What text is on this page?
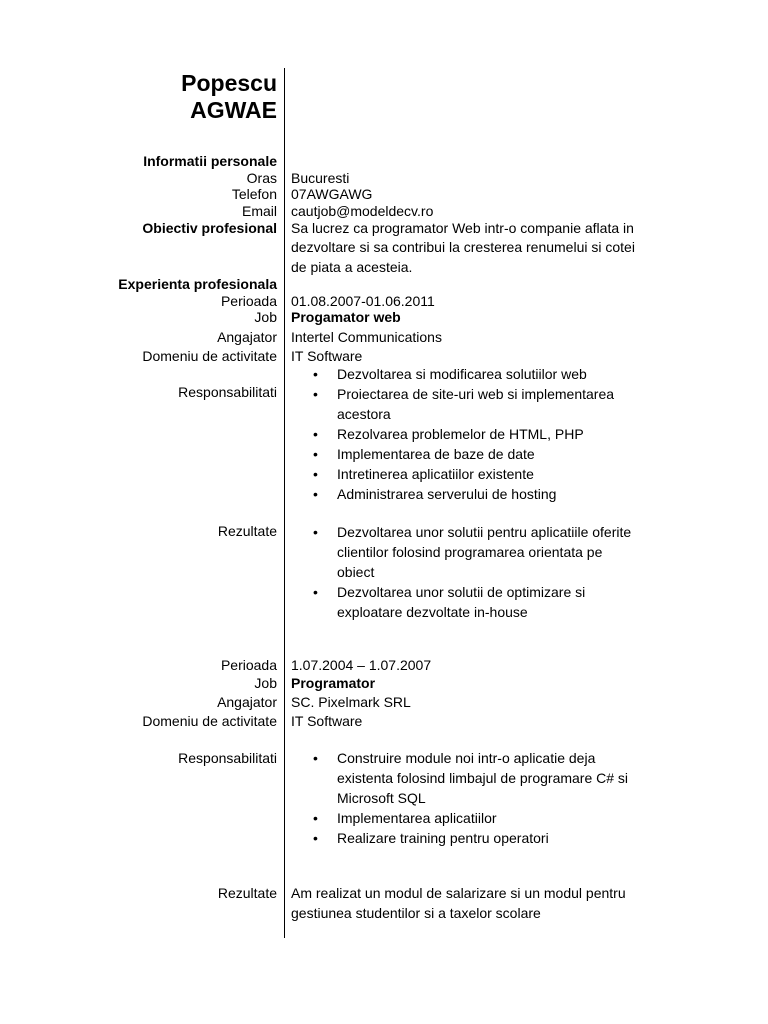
Popescu
AGWAE
Informatii personale
Oras Bucuresti
Telefon 07AWGAWG
Email cautjob@modeldecv.ro
Obiectiv profesional Sa lucrez ca programator Web intr-o companie aflata in
dezvoltare si sa contribui la cresterea renumelui si cotei
de piata a acesteia.
Experienta profesionala
Perioada 01.08.2007-01.06.2011
Job Progamator web
Angajator Intertel Communications
Domeniu de activitate IT Software
Responsabilitati
• Dezvoltarea si modificarea solutiilor web
• Proiectarea de site-uri web si implementarea
acestora
• Rezolvarea problemelor de HTML, PHP
• Implementarea de baze de date
• Intretinerea aplicatiilor existente
• Administrarea serverului de hosting
Rezultate	• Dezvoltarea unor solutii pentru aplicatiile oferite
clientilor folosind programarea orientata pe
obiect
• Dezvoltarea unor solutii de optimizare si
exploatare dezvoltate in-house
Perioada 1.07.2004 – 1.07.2007
Job Programator
Angajator SC. Pixelmark SRL
Domeniu de activitate IT Software
Responsabilitati	• Construire module noi intr-o aplicatie deja
existenta folosind limbajul de programare C# si
Microsoft SQL
• Implementarea aplicatiilor
• Realizare training pentru operatori
Rezultate Am realizat un modul de salarizare si un modul pentru
gestiunea studentilor si a taxelor scolare
